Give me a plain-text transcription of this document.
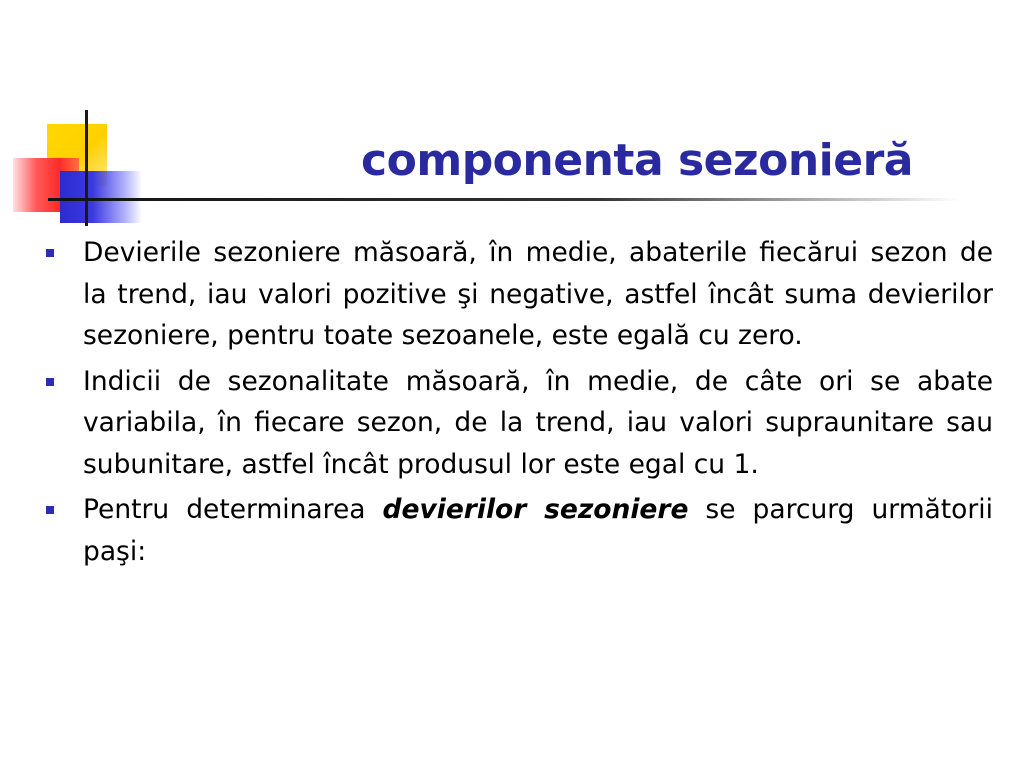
componenta sezonieră
Devierile sezoniere măsoară, în medie, abaterile fiecărui sezon de la trend, iau valori pozitive şi negative, astfel încât suma devierilor sezoniere, pentru toate sezoanele, este egală cu zero.
Indicii de sezonalitate măsoară, în medie, de câte ori se abate variabila, în fiecare sezon, de la trend, iau valori supraunitare sau subunitare, astfel încât produsul lor este egal cu 1.
Pentru determinarea devierilor sezoniere se parcurg următorii paşi:
